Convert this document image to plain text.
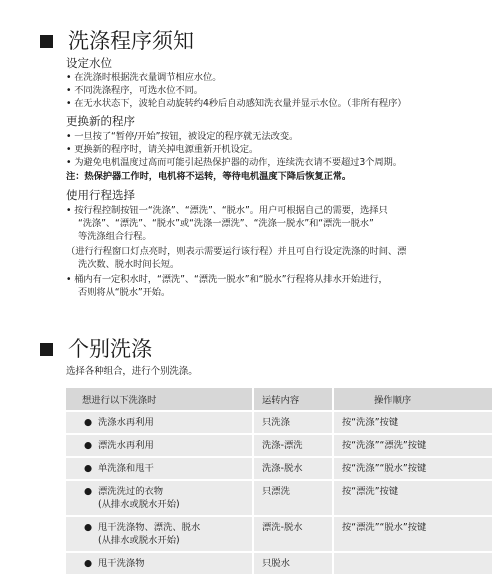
洗涤程序须知
设定水位
• 在洗涤时根据洗衣量调节相应水位。
• 不同洗涤程序，可选水位不同。
• 在无水状态下，波轮自动旋转约4秒后自动感知洗衣量并显示水位。（非所有程序）
更换新的程序
• 一旦按了“暂停/开始”按钮，被设定的程序就无法改变。
• 更换新的程序时，请关掉电源重新开机设定。
• 为避免电机温度过高而可能引起热保护器的动作，连续洗衣请不要超过3个周期。
注：热保护器工作时，电机将不运转，等待电机温度下降后恢复正常。
使用行程选择
• 按行程控制按钮一“洗涤”、“漂洗”、“脱水”。用户可根据自己的需要，选择只
“洗涤”、“漂洗”、“脱水”或“洗涤一漂洗”、“洗涤一脱水”和“漂洗一脱水”
等洗涤组合行程。
（进行行程窗口灯点亮时，则表示需要运行该行程）并且可自行设定洗涤的时间、漂
洗次数、脱水时间长短。
• 桶内有一定积水时，“漂洗”、“漂洗一脱水”和“脱水”行程将从排水开始进行，
否则将从“脱水”开始。
个别洗涤
选择各种组合，进行个别洗涤。
想进行以下洗涤时	运转内容	操作顺序
● 洗涤水再利用	只洗涤	按“洗涤”按键
● 漂洗水再利用	洗涤-漂洗	按“洗涤”“漂洗”按键
● 单洗涤和甩干	洗涤-脱水	按“洗涤”“脱水”按键
● 漂洗洗过的衣物
(从排水或脱水开始)	只漂洗	按“漂洗”按键
● 甩干洗涤物、漂洗、脱水
(从排水或脱水开始)	漂洗-脱水	按“漂洗”“脱水”按键
● 甩干洗涤物	只脱水	
